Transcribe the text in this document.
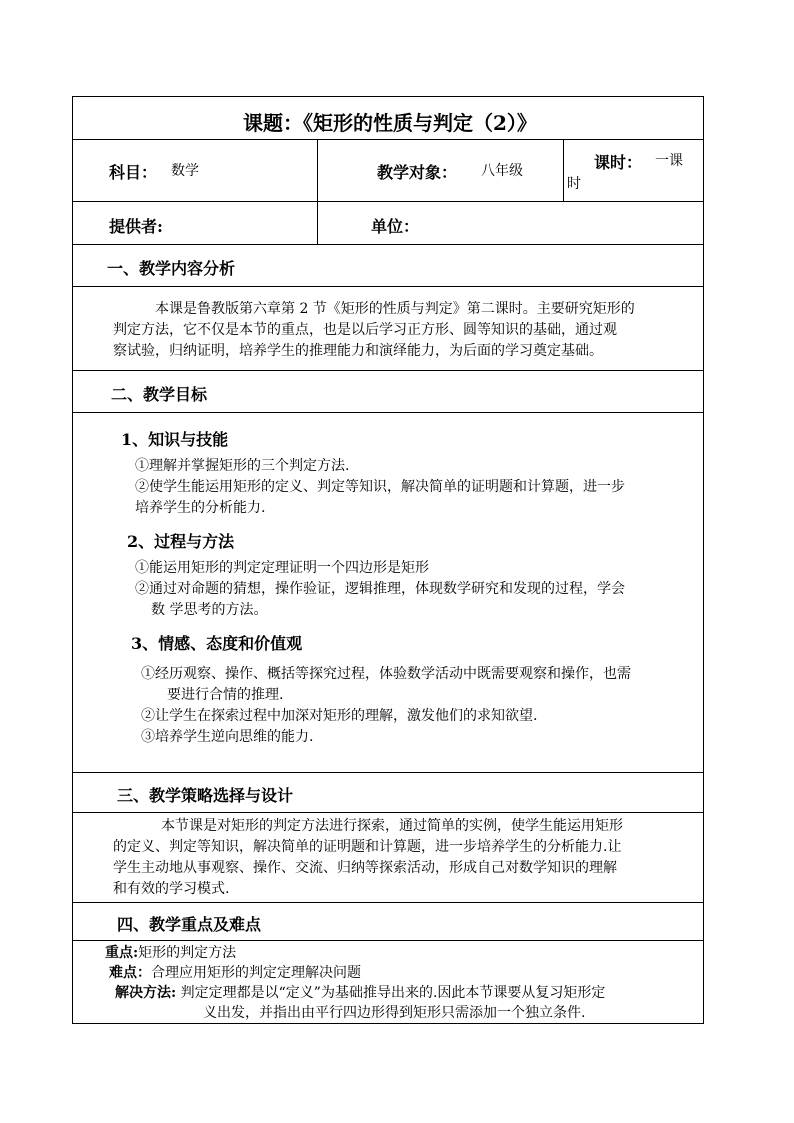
课题：《矩形的性质与判定（2）》
科目： 数学	教学对象： 八年级	课时： 一课
时
提供者:	单位：
一、教学内容分析
本课是鲁教版第六章第 2 节《矩形的性质与判定》第二课时。主要研究矩形的
判定方法，它不仅是本节的重点，也是以后学习正方形、圆等知识的基础，通过观
察试验，归纳证明，培养学生的推理能力和演绎能力，为后面的学习奠定基础。
二、教学目标
1、知识与技能
①理解并掌握矩形的三个判定方法.
②使学生能运用矩形的定义、判定等知识，解决简单的证明题和计算题，进一步
培养学生的分析能力.
2、过程与方法
①能运用矩形的判定定理证明一个四边形是矩形
②通过对命题的猜想，操作验证，逻辑推理，体现数学研究和发现的过程，学会
数 学思考的方法。
3、情感、态度和价值观
①经历观察、操作、概括等探究过程，体验数学活动中既需要观察和操作，也需
要进行合情的推理.
②让学生在探索过程中加深对矩形的理解，激发他们的求知欲望.
③培养学生逆向思维的能力.
三、教学策略选择与设计
本节课是对矩形的判定方法进行探索，通过简单的实例，使学生能运用矩形
的定义、判定等知识，解决简单的证明题和计算题，进一步培养学生的分析能力.让
学生主动地从事观察、操作、交流、归纳等探索活动，形成自己对数学知识的理解
和有效的学习模式.
四、教学重点及难点
重点:矩形的判定方法
难点：合理应用矩形的判定定理解决问题
解决方法: 判定定理都是以“定义”为基础推导出来的.因此本节课要从复习矩形定
义出发，并指出由平行四边形得到矩形只需添加一个独立条件.
